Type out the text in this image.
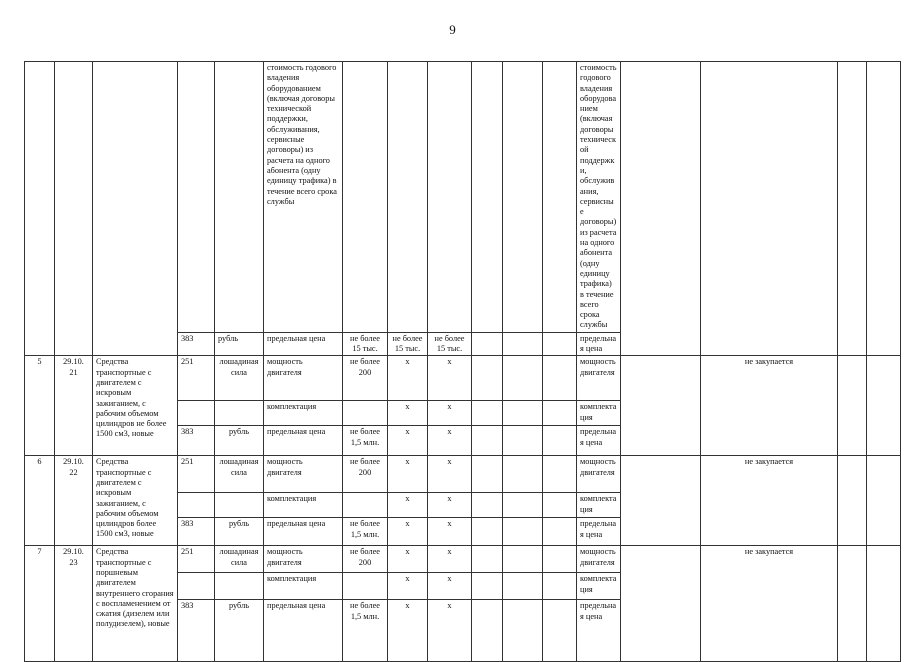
9
					стоимость годового владения оборудованием (включая договоры технической поддержки, обслуживания, сервисные договоры) из расчета на одного абонента (одну единицу трафика) в течение всего срока службы							стоимость годового владения оборудованием (включая договоры технической поддержки, обслуживания, сервисные договоры) из расчета на одного абонента (одну единицу трафика) в течение всего срока службы				
			383	рубль	предельная цена	не более 15 тыс.	не более 15 тыс.	не более 15 тыс.				предельная цена				
5	29.10. 21	Средства транспортные с двигателем с искровым зажиганием, с рабочим объемом цилиндров не более 1500 см3, новые	251	лошадиная сила	мощность двигателя	не более 200	х	х				мощность двигателя		не закупается		
					комплектация		х	х				комплектация				
			383	рубль	предельная цена	не более 1,5 млн.	х	х				предельная цена				
6	29.10. 22	Средства транспортные с двигателем с искровым зажиганием, с рабочим объемом цилиндров более 1500 см3, новые	251	лошадиная сила	мощность двигателя	не более 200	х	х				мощность двигателя		не закупается		
					комплектация		х	х				комплектация				
			383	рубль	предельная цена	не более 1,5 млн.	х	х				предельная цена				
7	29.10. 23	Средства транспортные с поршневым двигателем внутреннего сгорания с воспламенением от сжатия (дизелем или полудизелем), новые	251	лошадиная сила	мощность двигателя	не более 200	х	х				мощность двигателя		не закупается		
					комплектация		х	х				комплектация				
			383	рубль	предельная цена	не более 1,5 млн.	х	х				предельная цена				
